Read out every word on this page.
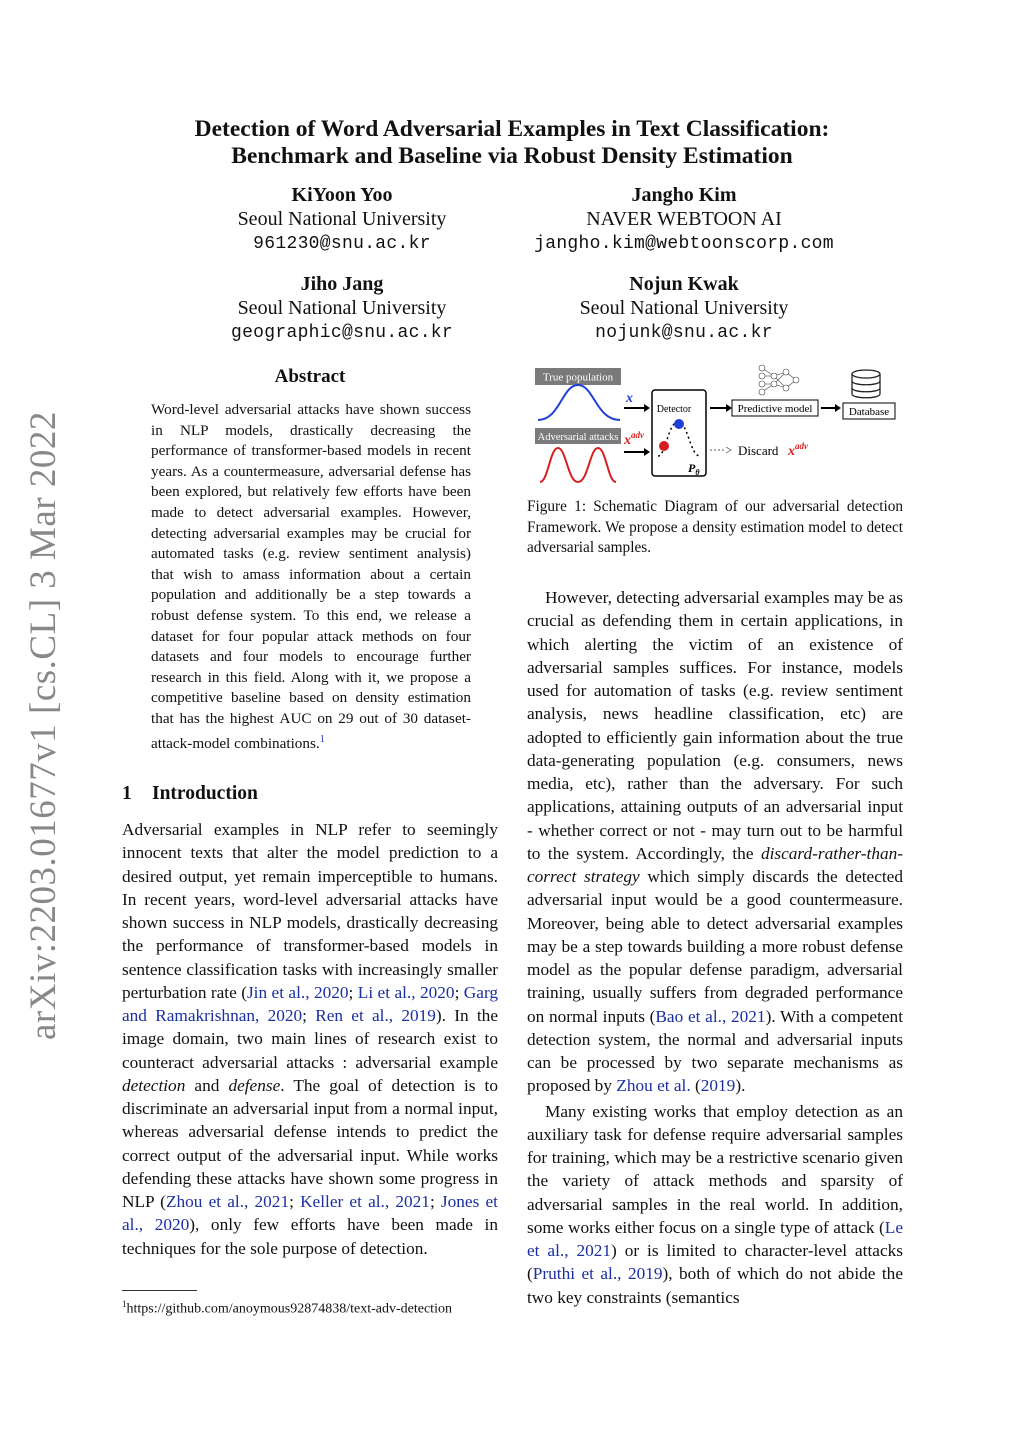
Detection of Word Adversarial Examples in Text Classification:
Benchmark and Baseline via Robust Density Estimation
KiYoon Yoo
Seoul National University
961230@snu.ac.kr
Jangho Kim
NAVER WEBTOON AI
jangho.kim@webtoonscorp.com
Jiho Jang
Seoul National University
geographic@snu.ac.kr
Nojun Kwak
Seoul National University
nojunk@snu.ac.kr
arXiv:2203.01677v1 [cs.CL] 3 Mar 2022
Abstract
Word-level adversarial attacks have shown success in NLP models, drastically decreasing the performance of transformer-based models in recent years. As a countermeasure, adversarial defense has been explored, but relatively few efforts have been made to detect adversarial examples. However, detecting adversarial examples may be crucial for automated tasks (e.g. review sentiment analysis) that wish to amass information about a certain population and additionally be a step towards a robust defense system. To this end, we release a dataset for four popular attack methods on four datasets and four models to encourage further research in this field. Along with it, we propose a competitive baseline based on density estimation that has the highest AUC on 29 out of 30 dataset-attack-model combinations.$^1$
1 Introduction

Adversarial examples in NLP refer to seemingly innocent texts that alter the model prediction to a desired output, yet remain imperceptible to humans. In recent years, word-level adversarial attacks have shown success in NLP models, drastically decreasing the performance of transformer-based models in sentence classification tasks with increasingly smaller perturbation rate (Jin et al., 2020; Li et al., 2020; Garg and Ramakrishnan, 2020; Ren et al., 2019). In the image domain, two main lines of research exist to counteract adversarial attacks : adversarial example detection and defense. The goal of detection is to discriminate an adversarial input from a normal input, whereas adversarial defense intends to predict the correct output of the adversarial input. While works defending these attacks have shown some progress in NLP (Zhou et al., 2021; Keller et al., 2021; Jones et al., 2020), only few efforts have been made in techniques for the sole purpose of detection.

$^1$https://github.com/anoymous92874838/text-adv-detection
True population
Adversarial attacks
x
$x^{adv}$
Detector
$P_\theta$
Predictive model	Database
Discard $x^{adv}$
Figure 1: Schematic Diagram of our adversarial detection Framework. We propose a density estimation model to detect adversarial samples.

However, detecting adversarial examples may be as crucial as defending them in certain applications, in which alerting the victim of an existence of adversarial samples suffices. For instance, models used for automation of tasks (e.g. review sentiment analysis, news headline classification, etc) are adopted to efficiently gain information about the true data-generating population (e.g. consumers, news media, etc), rather than the adversary. For such applications, attaining outputs of an adversarial input - whether correct or not - may turn out to be harmful to the system. Accordingly, the discard-rather-than-correct strategy which simply discards the detected adversarial input would be a good countermeasure. Moreover, being able to detect adversarial examples may be a step towards building a more robust defense model as the popular defense paradigm, adversarial training, usually suffers from degraded performance on normal inputs (Bao et al., 2021). With a competent detection system, the normal and adversarial inputs can be processed by two separate mechanisms as proposed by Zhou et al. (2019).

Many existing works that employ detection as an auxiliary task for defense require adversarial samples for training, which may be a restrictive scenario given the variety of attack methods and sparsity of adversarial samples in the real world. In addition, some works either focus on a single type of attack (Le et al., 2021) or is limited to character-level attacks (Pruthi et al., 2019), both of which do not abide the two key constraints (semantics
